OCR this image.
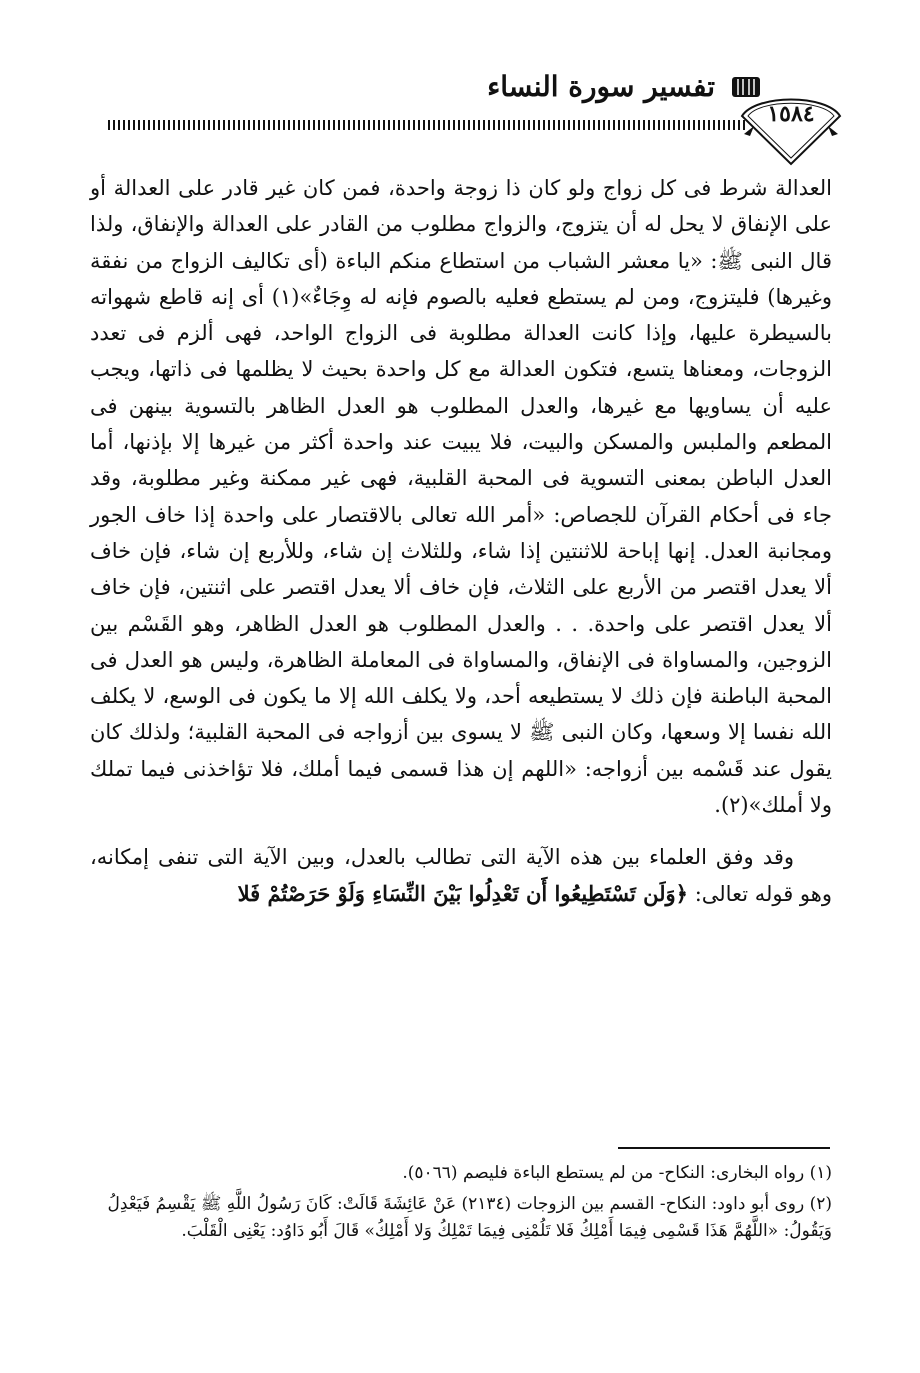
تفسير سورة النساء
١٥٨٤

العدالة شرط فى كل زواج ولو كان ذا زوجة واحدة، فمن كان غير قادر على العدالة أو على الإنفاق لا يحل له أن يتزوج، والزواج مطلوب من القادر على العدالة والإنفاق، ولذا قال النبى ﷺ: «يا معشر الشباب من استطاع منكم الباءة (أى تكاليف الزواج من نفقة وغيرها) فليتزوج، ومن لم يستطع فعليه بالصوم فإنه له وِجَاءٌ»(١) أى إنه قاطع شهواته بالسيطرة عليها، وإذا كانت العدالة مطلوبة فى الزواج الواحد، فهى ألزم فى تعدد الزوجات، ومعناها يتسع، فتكون العدالة مع كل واحدة بحيث لا يظلمها فى ذاتها، ويجب عليه أن يساويها مع غيرها، والعدل المطلوب هو العدل الظاهر بالتسوية بينهن فى المطعم والملبس والمسكن والبيت، فلا يبيت عند واحدة أكثر من غيرها إلا بإذنها، أما العدل الباطن بمعنى التسوية فى المحبة القلبية، فهى غير ممكنة وغير مطلوبة، وقد جاء فى أحكام القرآن للجصاص: «أمر الله تعالى بالاقتصار على واحدة إذا خاف الجور ومجانبة العدل. إنها إباحة للاثنتين إذا شاء، وللثلاث إن شاء، وللأربع إن شاء، فإن خاف ألا يعدل اقتصر من الأربع على الثلاث، فإن خاف ألا يعدل اقتصر على اثنتين، فإن خاف ألا يعدل اقتصر على واحدة. . . والعدل المطلوب هو العدل الظاهر، وهو القَسْم بين الزوجين، والمساواة فى الإنفاق، والمساواة فى المعاملة الظاهرة، وليس هو العدل فى المحبة الباطنة فإن ذلك لا يستطيعه أحد، ولا يكلف الله إلا ما يكون فى الوسع، لا يكلف الله نفسا إلا وسعها، وكان النبى ﷺ لا يسوى بين أزواجه فى المحبة القلبية؛ ولذلك كان يقول عند قَسْمه بين أزواجه: «اللهم إن هذا قسمى فيما أملك، فلا تؤاخذنى فيما تملك ولا أملك»(٢).

وقد وفق العلماء بين هذه الآية التى تطالب بالعدل، وبين الآية التى تنفى إمكانه، وهو قوله تعالى: ﴿وَلَن تَسْتَطِيعُوا أَن تَعْدِلُوا بَيْنَ النِّسَاءِ وَلَوْ حَرَصْتُمْ فَلا

(١) رواه البخارى: النكاح- من لم يستطع الباءة فليصم (٥٠٦٦).

(٢) روى أبو داود: النكاح- القسم بين الزوجات (٢١٣٤) عَنْ عَائِشَةَ قَالَتْ: كَانَ رَسُولُ اللَّهِ ﷺ يَقْسِمُ فَيَعْدِلُ وَيَقُولُ: «اللَّهُمَّ هَذَا قَسْمِى فِيمَا أَمْلِكُ فَلا تَلُمْنِى فِيمَا تَمْلِكُ وَلا أَمْلِكُ» قَالَ أَبُو دَاوُد: يَعْنِى الْقَلْبَ.
